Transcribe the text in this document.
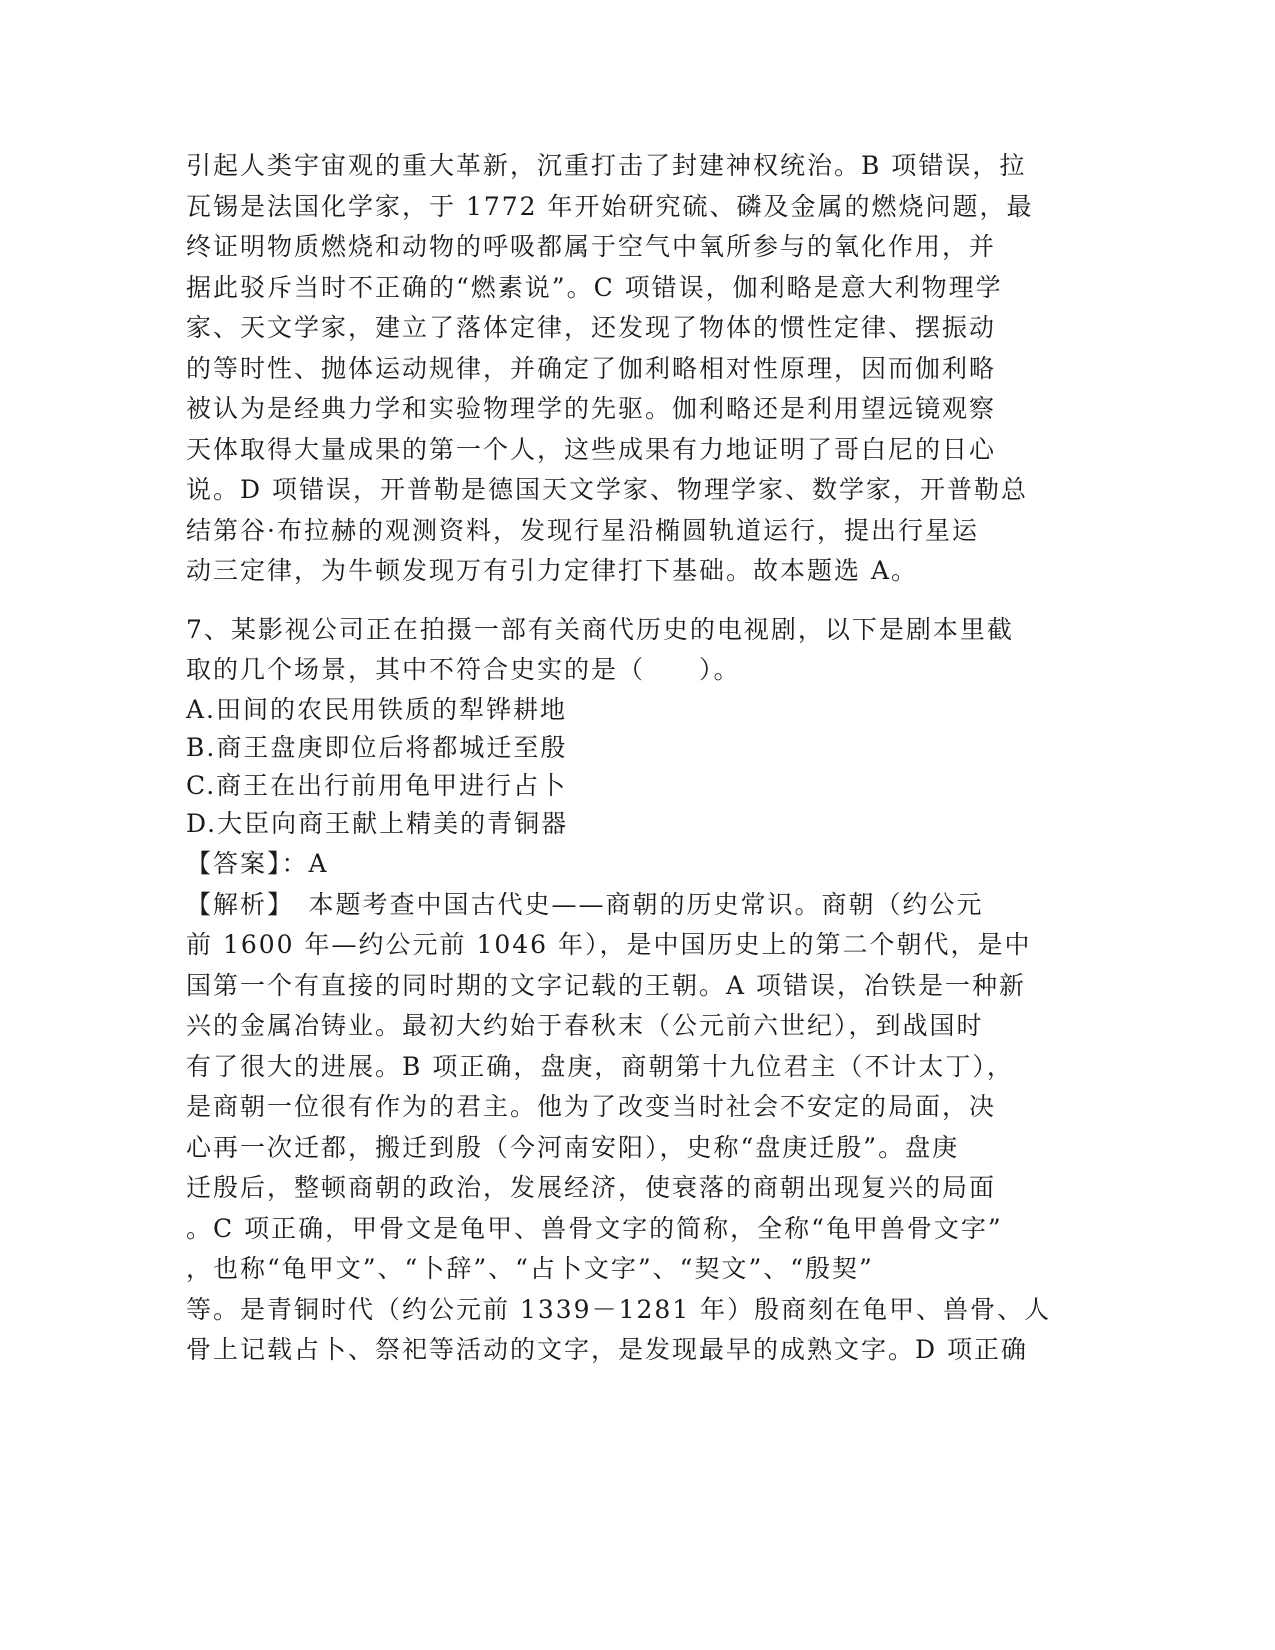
引起人类宇宙观的重大革新，沉重打击了封建神权统治。B 项错误，拉
瓦锡是法国化学家，于 1772 年开始研究硫、磷及金属的燃烧问题，最
终证明物质燃烧和动物的呼吸都属于空气中氧所参与的氧化作用，并
据此驳斥当时不正确的“燃素说”。C 项错误，伽利略是意大利物理学
家、天文学家，建立了落体定律，还发现了物体的惯性定律、摆振动
的等时性、抛体运动规律，并确定了伽利略相对性原理，因而伽利略
被认为是经典力学和实验物理学的先驱。伽利略还是利用望远镜观察
天体取得大量成果的第一个人，这些成果有力地证明了哥白尼的日心
说。D 项错误，开普勒是德国天文学家、物理学家、数学家，开普勒总
结第谷·布拉赫的观测资料，发现行星沿椭圆轨道运行，提出行星运
动三定律，为牛顿发现万有引力定律打下基础。故本题选 A。
7、某影视公司正在拍摄一部有关商代历史的电视剧，以下是剧本里截
取的几个场景，其中不符合史实的是（　　）。
A.田间的农民用铁质的犁铧耕地
B.商王盘庚即位后将都城迁至殷
C.商王在出行前用龟甲进行占卜
D.大臣向商王献上精美的青铜器
【答案】：A
【解析】　本题考查中国古代史——商朝的历史常识。商朝（约公元
前 1600 年—约公元前 1046 年），是中国历史上的第二个朝代，是中
国第一个有直接的同时期的文字记载的王朝。A 项错误，冶铁是一种新
兴的金属冶铸业。最初大约始于春秋末（公元前六世纪），到战国时
有了很大的进展。B 项正确，盘庚，商朝第十九位君主（不计太丁），
是商朝一位很有作为的君主。他为了改变当时社会不安定的局面，决
心再一次迁都，搬迁到殷（今河南安阳），史称“盘庚迁殷”。盘庚
迁殷后，整顿商朝的政治，发展经济，使衰落的商朝出现复兴的局面
。C 项正确，甲骨文是龟甲、兽骨文字的简称，全称“龟甲兽骨文字”
，也称“龟甲文”、“卜辞”、“占卜文字”、“契文”、“殷契”
等。是青铜时代（约公元前 1339－1281 年）殷商刻在龟甲、兽骨、人
骨上记载占卜、祭祀等活动的文字，是发现最早的成熟文字。D 项正确
